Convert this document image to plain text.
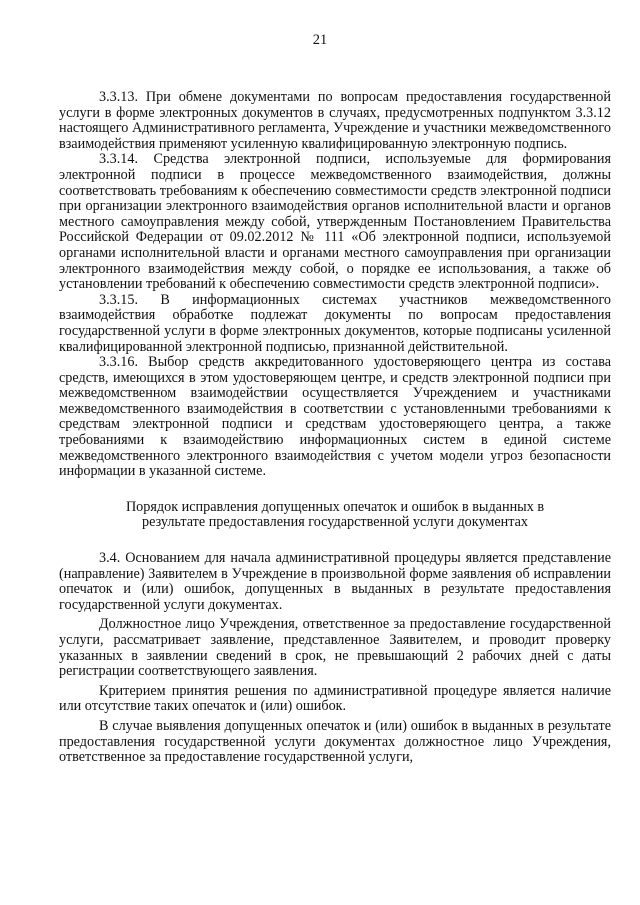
21

3.3.13. При обмене документами по вопросам предоставления государственной услуги в форме электронных документов в случаях, предусмотренных подпунктом 3.3.12 настоящего Административного регламента, Учреждение и участники межведомственного взаимодействия применяют усиленную квалифицированную электронную подпись.

3.3.14. Средства электронной подписи, используемые для формирования электронной подписи в процессе межведомственного взаимодействия, должны соответствовать требованиям к обеспечению совместимости средств электронной подписи при организации электронного взаимодействия органов исполнительной власти и органов местного самоуправления между собой, утвержденным Постановлением Правительства Российской Федерации от 09.02.2012 № 111 «Об электронной подписи, используемой органами исполнительной власти и органами местного самоуправления при организации электронного взаимодействия между собой, о порядке ее использования, а также об установлении требований к обеспечению совместимости средств электронной подписи».

3.3.15. В информационных системах участников межведомственного взаимодействия обработке подлежат документы по вопросам предоставления государственной услуги в форме электронных документов, которые подписаны усиленной квалифицированной электронной подписью, признанной действительной.

3.3.16. Выбор средств аккредитованного удостоверяющего центра из состава средств, имеющихся в этом удостоверяющем центре, и средств электронной подписи при межведомственном взаимодействии осуществляется Учреждением и участниками межведомственного взаимодействия в соответствии с установленными требованиями к средствам электронной подписи и средствам удостоверяющего центра, а также требованиями к взаимодействию информационных систем в единой системе межведомственного электронного взаимодействия с учетом модели угроз безопасности информации в указанной системе.

Порядок исправления допущенных опечаток и ошибок в выданных в результате предоставления государственной услуги документах

3.4. Основанием для начала административной процедуры является представление (направление) Заявителем в Учреждение в произвольной форме заявления об исправлении опечаток и (или) ошибок, допущенных в выданных в результате предоставления государственной услуги документах.

Должностное лицо Учреждения, ответственное за предоставление государственной услуги, рассматривает заявление, представленное Заявителем, и проводит проверку указанных в заявлении сведений в срок, не превышающий 2 рабочих дней с даты регистрации соответствующего заявления.

Критерием принятия решения по административной процедуре является наличие или отсутствие таких опечаток и (или) ошибок.

В случае выявления допущенных опечаток и (или) ошибок в выданных в результате предоставления государственной услуги документах должностное лицо Учреждения, ответственное за предоставление государственной услуги,
